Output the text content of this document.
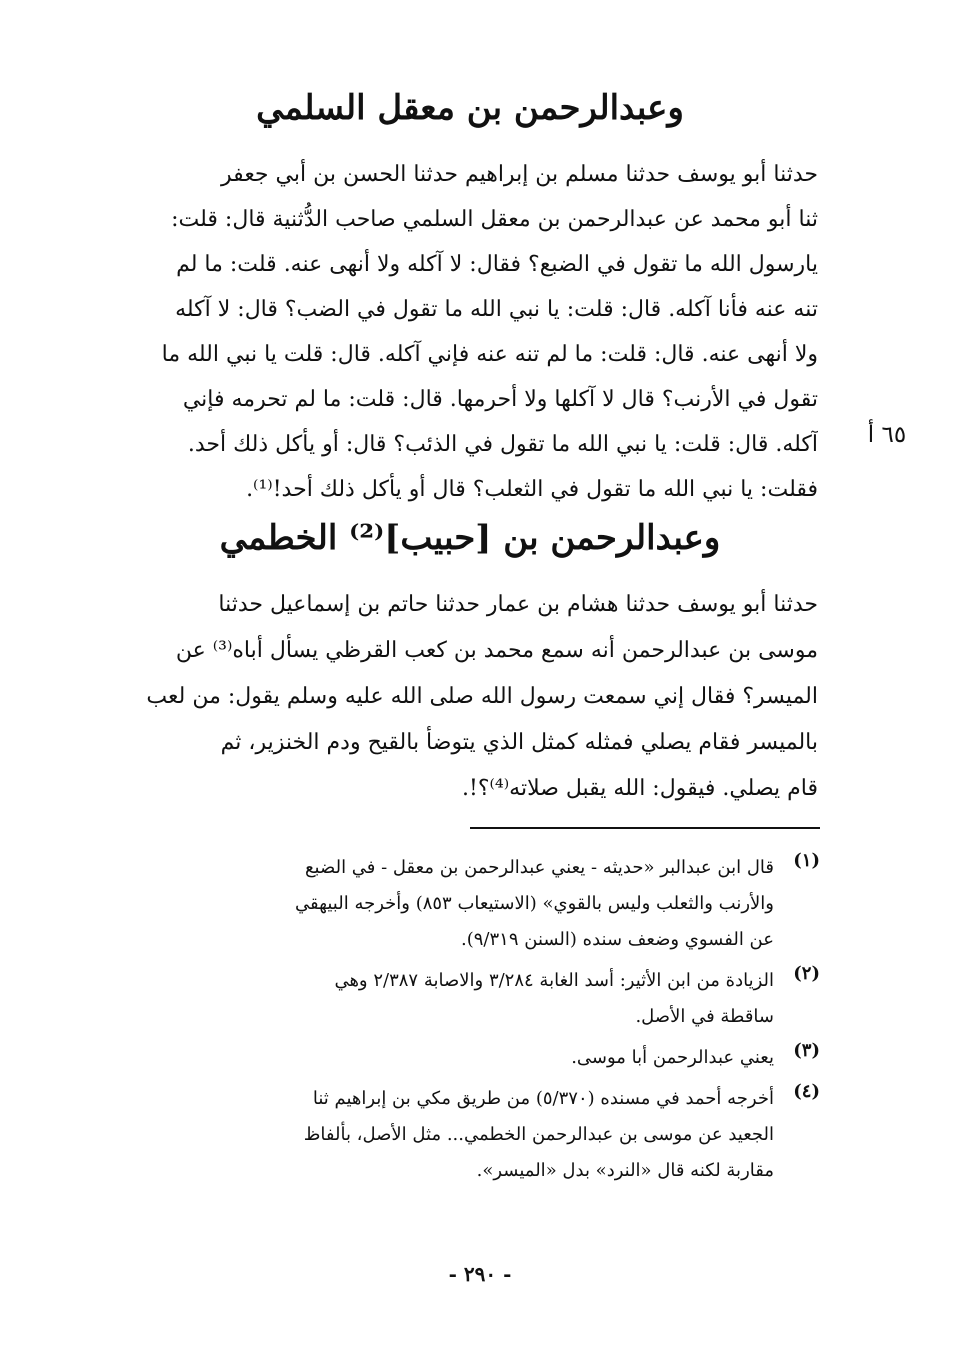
وعبدالرحمن بن معقل السلمي
حدثنا أبو يوسف حدثنا مسلم بن إبراهيم حدثنا الحسن بن أبي جعفر
ثنا أبو محمد عن عبدالرحمن بن معقل السلمي صاحب الدُّثنية قال: قلت:
يارسول الله ما تقول في الضبع؟ فقال: لا آكله ولا أنهى عنه. قلت: ما لم
تنه عنه فأنا آكله. قال: قلت: يا نبي الله ما تقول في الضب؟ قال: لا آكله
ولا أنهى عنه. قال: قلت: ما لم تنه عنه فإني آكله. قال: قلت يا نبي الله ما
تقول في الأرنب؟ قال لا آكلها ولا أحرمها. قال: قلت: ما لم تحرمه فإني
آكله. قال: قلت: يا نبي الله ما تقول في الذئب؟ قال: أو يأكل ذلك أحد.
فقلت: يا نبي الله ما تقول في الثعلب؟ قال أو يأكل ذلك أحد!⁽¹⁾.
٦٥ أ
وعبدالرحمن بن [حبيب]⁽²⁾ الخطمي
حدثنا أبو يوسف حدثنا هشام بن عمار حدثنا حاتم بن إسماعيل حدثنا
موسى بن عبدالرحمن أنه سمع محمد بن كعب القرظي يسأل أباه⁽³⁾ عن
الميسر؟ فقال إني سمعت رسول الله صلى الله عليه وسلم يقول: من لعب
بالميسر فقام يصلي فمثله كمثل الذي يتوضأ بالقيح ودم الخنزير، ثم
قام يصلي. فيقول: الله يقبل صلاته⁽⁴⁾؟!.
(١)
قال ابن عبدالبر «حديثه - يعني عبدالرحمن بن معقل - في الضبع
والأرنب والثعلب وليس بالقوي» (الاستيعاب ٨٥٣) وأخرجه البيهقي
عن الفسوي وضعف سنده (السنن ٩/٣١٩).
(٢)
الزيادة من ابن الأثير: أسد الغابة ٣/٢٨٤ والاصابة ٢/٣٨٧ وهي
ساقطة في الأصل.
(٣)
يعني عبدالرحمن أبا موسى.
(٤)
أخرجه أحمد في مسنده (٥/٣٧٠) من طريق مكي بن إبراهيم ثنا
الجعيد عن موسى بن عبدالرحمن الخطمي... مثل الأصل، بألفاظ
مقاربة لكنه قال «النرد» بدل «الميسر».
- ٢٩٠ -
